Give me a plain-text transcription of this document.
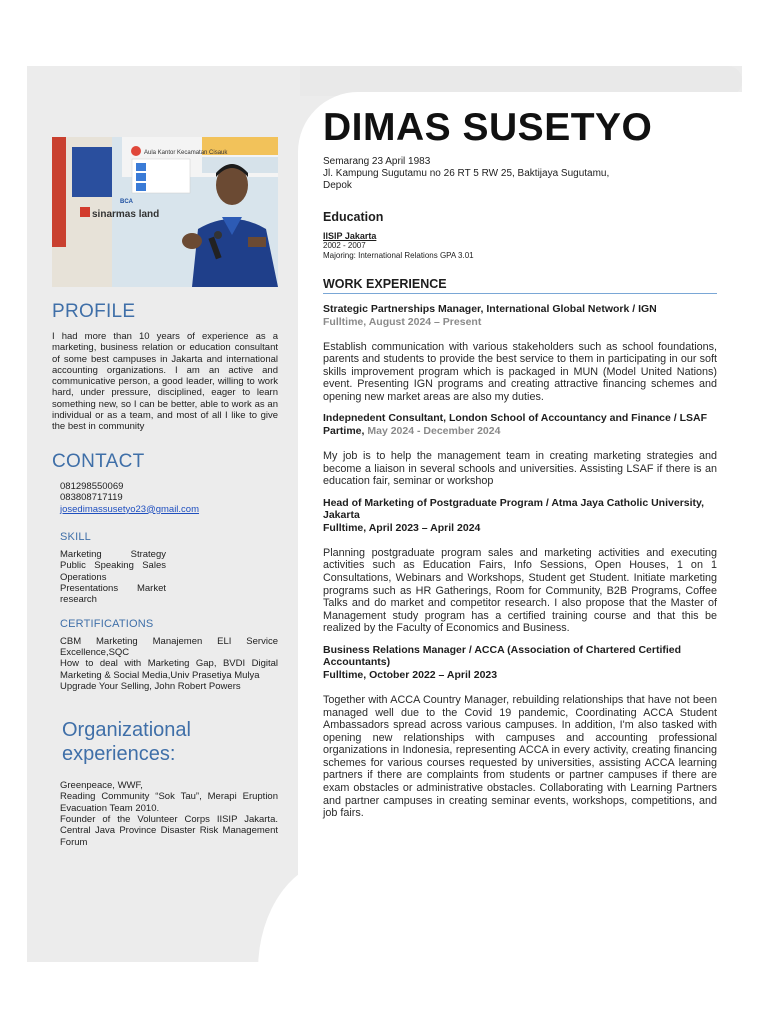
Aula Kantor Kecamatan Cisauk
BCA
sinarmas land
PROFILE
I had more than 10 years of experience as a marketing, business relation or education consultant of some best campuses in Jakarta and international accounting organizations. I am an active and communicative person, a good leader, willing to work hard, under pressure, disciplined, eager to learn something new, so I can be better, able to work as an individual or as a team, and most of all I like to give the best in community
CONTACT
081298550069
083808717119
josedimassusetyo23@gmail.com
SKILL
Marketing Strategy Public Speaking Sales Operations Presentations Market research
CERTIFICATIONS
CBM Marketing Manajemen ELI Service Excellence,SQC
How to deal with Marketing Gap, BVDI Digital Marketing & Social Media,Univ Prasetiya Mulya
Upgrade Your Selling, John Robert Powers
Organizational
experiences:
Greenpeace, WWF,
Reading Community “Sok Tau”, Merapi Eruption Evacuation Team 2010.
Founder of the Volunteer Corps IISIP Jakarta. Central Java Province Disaster Risk Management Forum
DIMAS SUSETYO
Semarang 23 April 1983
Jl. Kampung Sugutamu no 26 RT 5 RW 25, Baktijaya Sugutamu,
Depok
Education
IISIP Jakarta
2002 - 2007
Majoring: International Relations GPA 3.01
WORK EXPERIENCE
Strategic Partnerships Manager, International Global Network / IGN
Fulltime, August 2024 – Present
Establish communication with various stakeholders such as school foundations, parents and students to provide the best service to them in participating in our soft skills improvement program which is packaged in MUN (Model United Nations) event. Presenting IGN programs and creating attractive financing schemes and opening new market areas are also my duties.
Indepnedent Consultant, London School of Accountancy and Finance / LSAF
Partime, May 2024 - December 2024
My job is to help the management team in creating marketing strategies and become a liaison in several schools and universities. Assisting LSAF if there is an education fair, seminar or workshop
Head of Marketing of Postgraduate Program / Atma Jaya Catholic University, Jakarta
Fulltime, April 2023 – April 2024
Planning postgraduate program sales and marketing activities and executing activities such as Education Fairs, Info Sessions, Open Houses, 1 on 1 Consultations, Webinars and Workshops, Student get Student. Initiate marketing programs such as HR Gatherings, Room for Community, B2B Programs, Coffee Talks and do market and competitor research. I also propose that the Master of Management study program has a certified training course and that this be realized by the Faculty of Economics and Business.
Business Relations Manager / ACCA (Association of Chartered Certified Accountants)
Fulltime, October 2022 – April 2023
Together with ACCA Country Manager, rebuilding relationships that have not been managed well due to the Covid 19 pandemic, Coordinating ACCA Student Ambassadors spread across various campuses. In addition, I'm also tasked with opening new relationships with campuses and accounting professional organizations in Indonesia, representing ACCA in every activity, creating financing schemes for various courses requested by universities, assisting ACCA learning partners if there are complaints from students or partner campuses if there are exam obstacles or administrative obstacles. Collaborating with Learning Partners and partner campuses in creating seminar events, workshops, competitions, and job fairs.
